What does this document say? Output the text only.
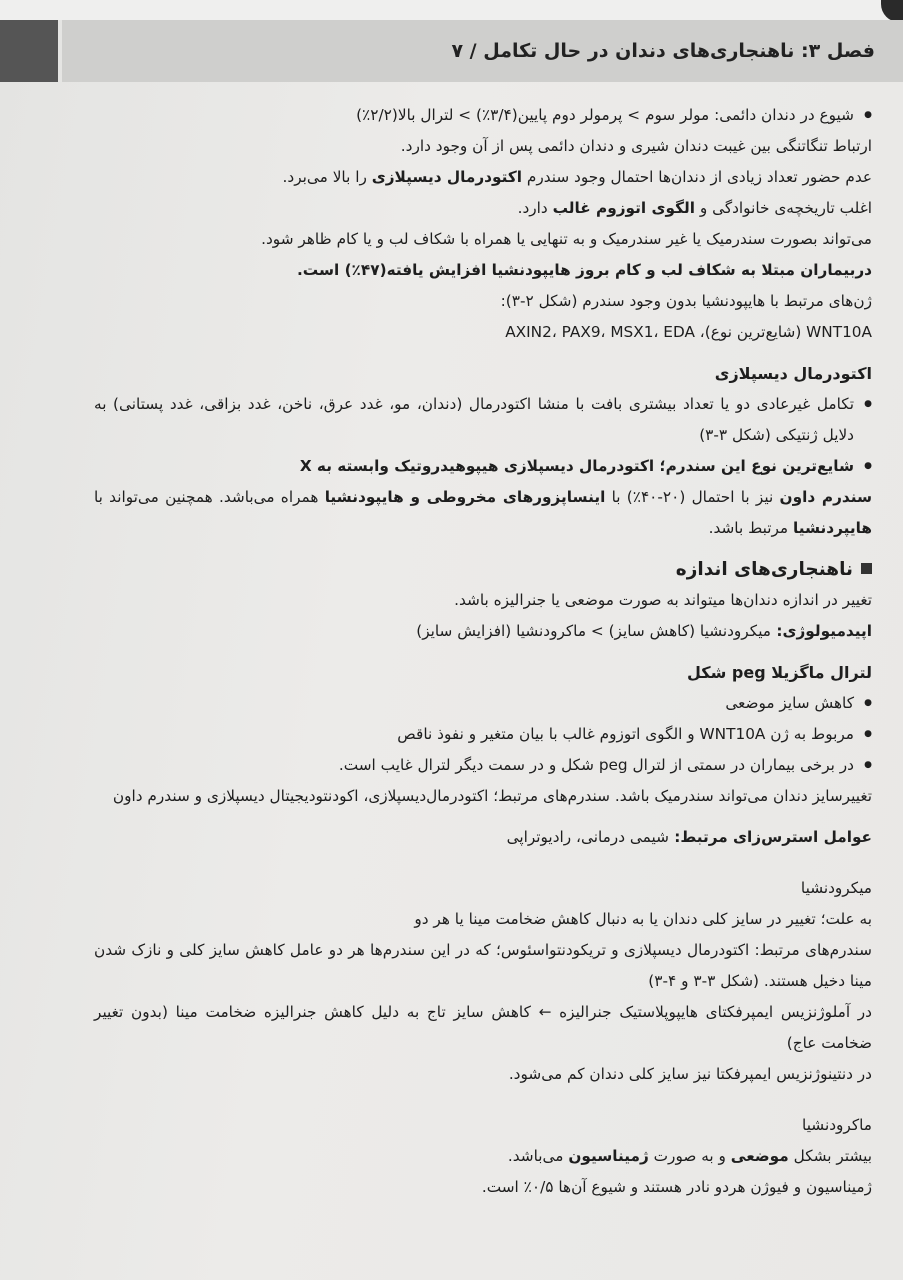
فصل ۳: ناهنجاری‌های دندان در حال تکامل / ۷

● شیوع در دندان دائمی: مولر سوم > پرمولر دوم پایین(۳/۴٪) > لترال بالا(۲/۲٪)

ارتباط تنگاتنگی بین غیبت دندان شیری و دندان ‌دائمی پس از آن وجود دارد.

عدم حضور تعداد زیادی از دندان‌ها احتمال وجود سندرم اکتودرمال دیسپلازی را بالا می‌برد.

اغلب تاریخچه‌ی خانوادگی و الگوی اتوزوم غالب دارد.

می‌تواند بصورت سندرمیک یا غیر سندرمیک و به تنهایی یا همراه با شکاف لب و یا کام ظاهر شود.

دربیماران مبتلا به شکاف لب و کام بروز هایپودنشیا افزایش یافته(۴۷٪) است.

ژن‌های مرتبط با هایپودنشیا بدون وجود سندرم (شکل ۲-۳):

WNT10A (شایع‌ترین نوع)، AXIN2، PAX9، MSX1، EDA

اکتودرمال دیسپلازی

● تکامل غیرعادی دو یا تعداد بیشتری بافت با منشا اکتودرمال (دندان، مو، غدد عرق، ناخن، غدد بزاقی، غدد پستانی) به دلایل ژنتیکی (شکل ۳-۳)

● شایع‌ترین نوع این سندرم؛ اکتودرمال دیسپلازی هیپوهیدروتیک وابسته به X

سندرم داون نیز با احتمال (۲۰-۴۰٪) با اینساپزورهای مخروطی و هایپودنشیا همراه می‌باشد. همچنین می‌تواند با هایپردنشیا مرتبط باشد.

ناهنجاری‌های اندازه

تغییر در اندازه دندان‌ها میتواند به صورت موضعی یا جنرالیزه باشد.

اپیدمیولوژی: میکرودنشیا (کاهش سایز) > ماکرودنشیا (افزایش سایز)

لترال ماگزیلا peg شکل

● کاهش سایز موضعی

● مربوط به ژن WNT10A و الگوی اتوزوم غالب با بیان متغیر و نفوذ ناقص

● در برخی بیماران در سمتی از لترال peg شکل و در سمت دیگر لترال غایب است.

تغییرسایز دندان می‌تواند سندرمیک باشد. سندرم‌های مرتبط؛ اکتودرمال‌دیسپلازی، اکودنتودیجیتال دیسپلازی و سندرم داون

عوامل استرس‌زای مرتبط: شیمی درمانی، رادیوتراپی

میکرودنشیا

به علت؛ تغییر در سایز کلی دندان یا به دنبال کاهش ضخامت مینا یا هر دو

سندرم‌های مرتبط: اکتودرمال دیسپلازی و تریکودنتواسئوس؛ که در این سندرم‌ها هر دو عامل کاهش سایز کلی و نازک شدن مینا دخیل هستند. (شکل ۳-۳ و ۴-۳)

در آملوژنزیس ایمپرفکتای هایپوپلاستیک جنرالیزه ← کاهش سایز تاج به دلیل کاهش جنرالیزه ضخامت مینا (بدون تغییر ضخامت عاج)

در دنتینوژنزیس ایمپرفکتا نیز سایز کلی دندان کم می‌شود.

ماکرودنشیا

بیشتر بشکل موضعی و به صورت ژمیناسیون می‌باشد.

ژمیناسیون و فیوژن هردو نادر هستند و شیوع آن‌ها ۰/۵٪ است.
